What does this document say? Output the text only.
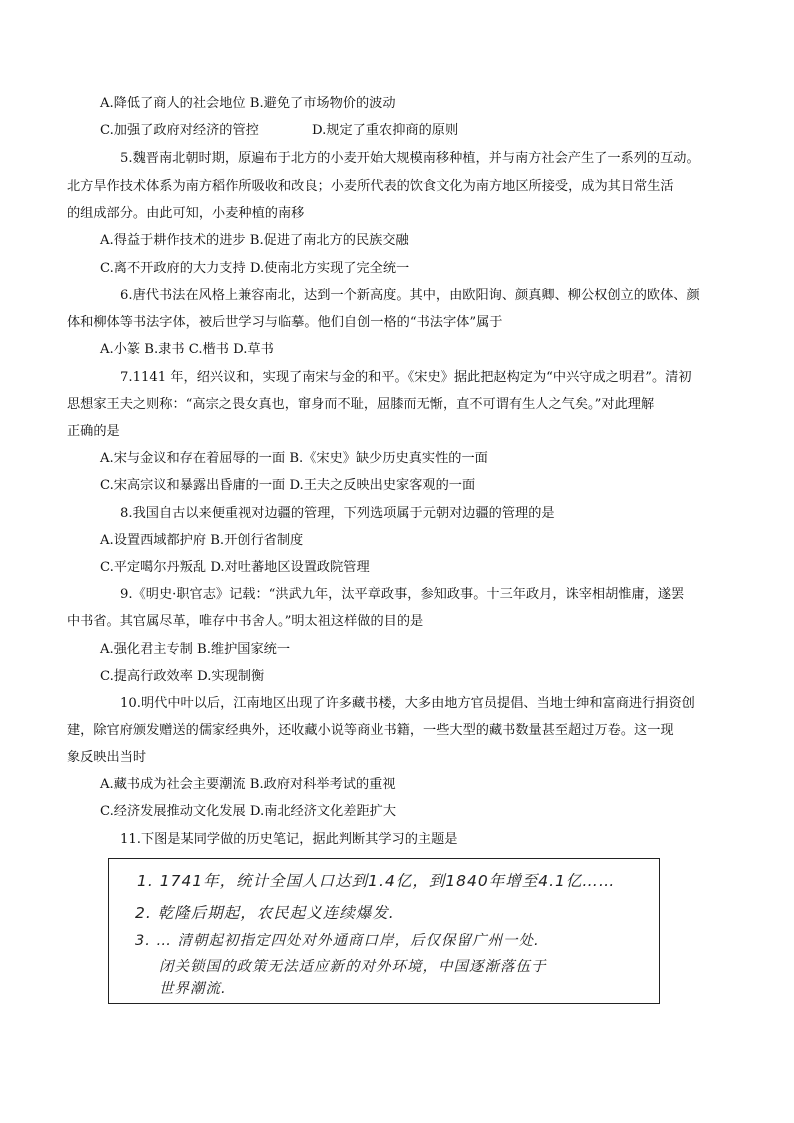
A.降低了商人的社会地位 B.避免了市场物价的波动
C.加强了政府对经济的管控	D.规定了重农抑商的原则
5.魏晋南北朝时期，原遍布于北方的小麦开始大规模南移种植，并与南方社会产生了一系列的互动。
北方旱作技术体系为南方稻作所吸收和改良；小麦所代表的饮食文化为南方地区所接受，成为其日常生活
的组成部分。由此可知，小麦种植的南移
A.得益于耕作技术的进步 B.促进了南北方的民族交融
C.离不开政府的大力支持 D.使南北方实现了完全统一
6.唐代书法在风格上兼容南北，达到一个新高度。其中，由欧阳询、颜真卿、柳公权创立的欧体、颜
体和柳体等书法字体，被后世学习与临摹。他们自创一格的“书法字体”属于
A.小篆 B.隶书 C.楷书 D.草书
7.1141 年，绍兴议和，实现了南宋与金的和平。《宋史》据此把赵构定为“中兴守成之明君”。清初
思想家王夫之则称：“高宗之畏女真也，窜身而不耻，屈膝而无惭，直不可谓有生人之气矣。”对此理解
正确的是
A.宋与金议和存在着屈辱的一面 B.《宋史》缺少历史真实性的一面
C.宋高宗议和暴露出昏庸的一面 D.王夫之反映出史家客观的一面
8.我国自古以来便重视对边疆的管理，下列选项属于元朝对边疆的管理的是
A.设置西域都护府 B.开创行省制度
C.平定噶尔丹叛乱 D.对吐蕃地区设置政院管理
9.《明史·职官志》记载：“洪武九年，汰平章政事，参知政事。十三年政月，诛宰相胡惟庸，遂罢
中书省。其官属尽革，唯存中书舍人。”明太祖这样做的目的是
A.强化君主专制 B.维护国家统一
C.提高行政效率 D.实现制衡
10.明代中叶以后，江南地区出现了许多藏书楼，大多由地方官员提倡、当地士绅和富商进行捐资创
建，除官府颁发赠送的儒家经典外，还收藏小说等商业书籍，一些大型的藏书数量甚至超过万卷。这一现
象反映出当时
A.藏书成为社会主要潮流 B.政府对科举考试的重视
C.经济发展推动文化发展 D.南北经济文化差距扩大
11.下图是某同学做的历史笔记，据此判断其学习的主题是
1. 1741年，统计全国人口达到1.4亿，到1840年增至4.1亿……
2. 乾隆后期起，农民起义连续爆发.
3. … 清朝起初指定四处对外通商口岸，后仅保留广州一处.
闭关锁国的政策无法适应新的对外环境，中国逐渐落伍于
世界潮流.
